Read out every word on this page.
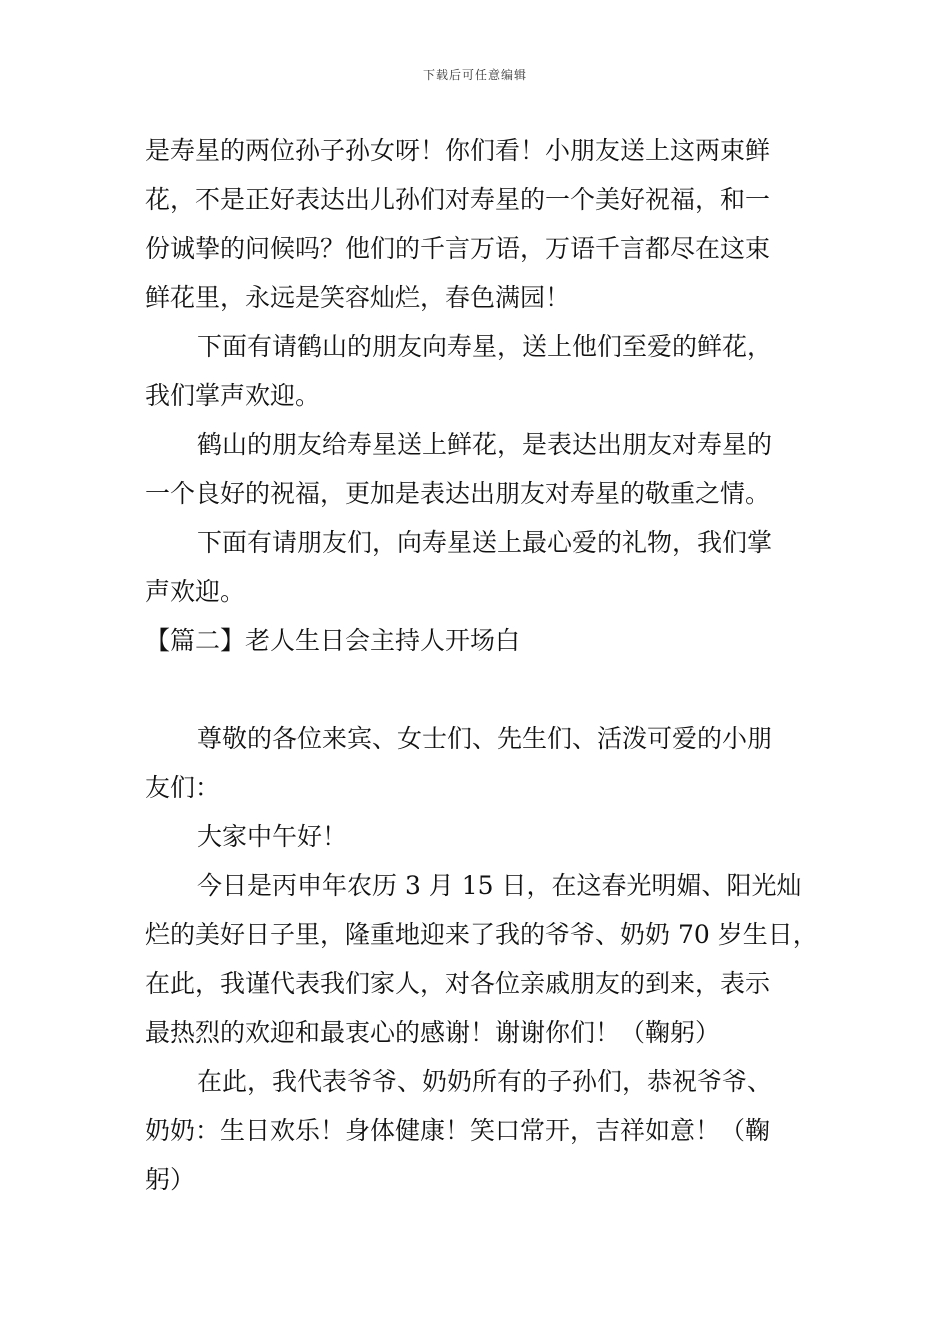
下载后可任意编辑

是寿星的两位孙子孙女呀！你们看！小朋友送上这两束鲜

花，不是正好表达出儿孙们对寿星的一个美好祝福，和一

份诚挚的问候吗？他们的千言万语，万语千言都尽在这束

鲜花里，永远是笑容灿烂，春色满园！

下面有请鹤山的朋友向寿星，送上他们至爱的鲜花，

我们掌声欢迎。

鹤山的朋友给寿星送上鲜花，是表达出朋友对寿星的

一个良好的祝福，更加是表达出朋友对寿星的敬重之情。

下面有请朋友们，向寿星送上最心爱的礼物，我们掌

声欢迎。

【篇二】老人生日会主持人开场白

尊敬的各位来宾、女士们、先生们、活泼可爱的小朋

友们：

大家中午好！

今日是丙申年农历 3 月 15 日，在这春光明媚、阳光灿

烂的美好日子里，隆重地迎来了我的爷爷、奶奶 70 岁生日，

在此，我谨代表我们家人，对各位亲戚朋友的到来，表示

最热烈的欢迎和最衷心的感谢！谢谢你们！（鞠躬）

在此，我代表爷爷、奶奶所有的子孙们，恭祝爷爷、

奶奶：生日欢乐！身体健康！笑口常开，吉祥如意！（鞠

躬）
